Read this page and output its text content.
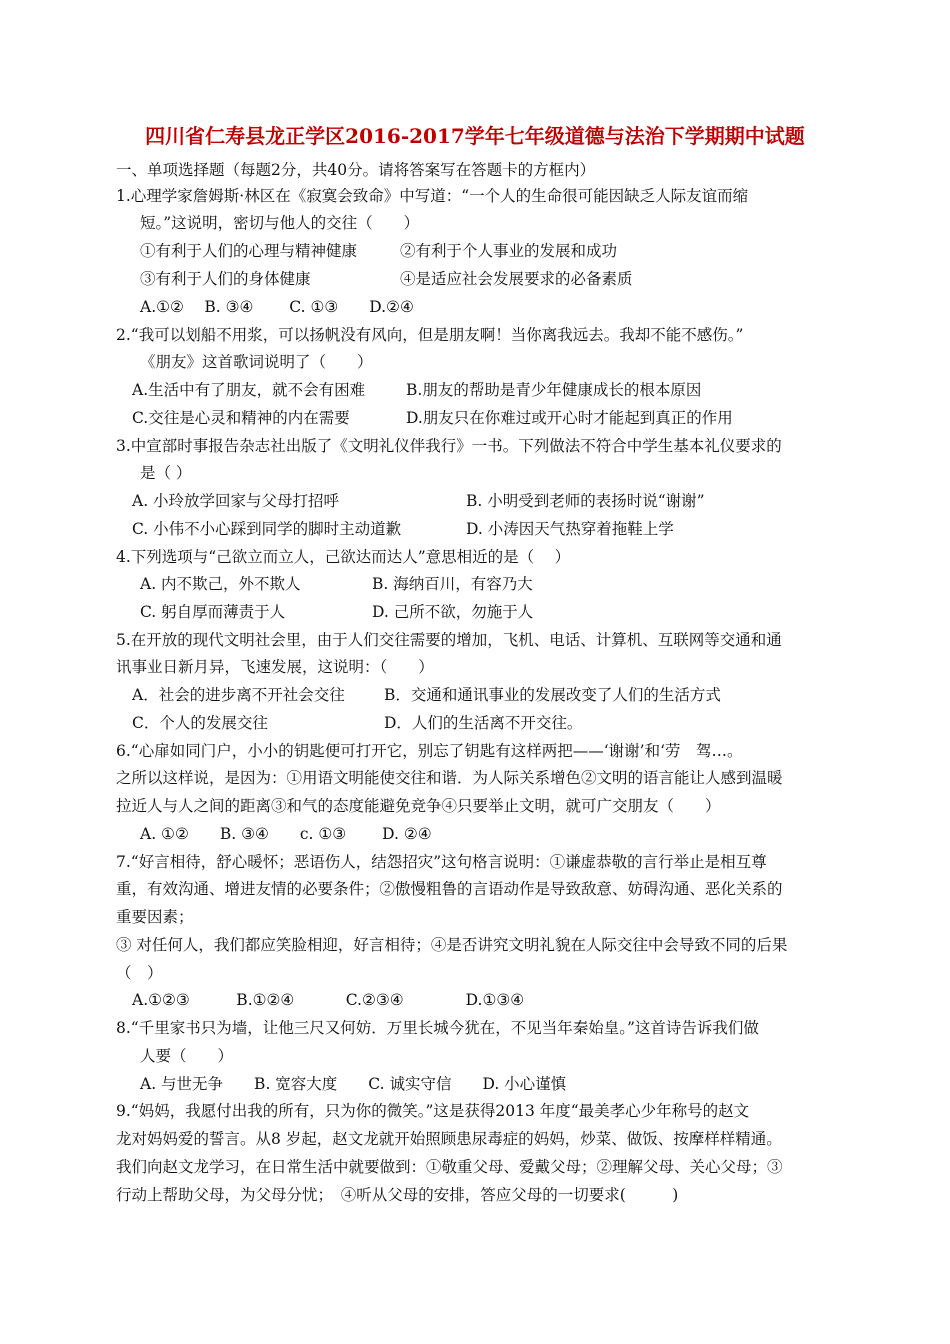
四川省仁寿县龙正学区2016-2017学年七年级道德与法治下学期期中试题
一、单项选择题（每题2分，共40分。请将答案写在答题卡的方框内）
1.心理学家詹姆斯·林区在《寂寞会致命》中写道：“一个人的生命很可能因缺乏人际友谊而缩
短。”这说明，密切与他人的交往（　　）
①有利于人们的心理与精神健康	②有利于个人事业的发展和成功
③有利于人们的身体健康	④是适应社会发展要求的必备素质
A.①②　 B. ③④　　 C. ①③　　D.②④
2.“我可以划船不用浆，可以扬帆没有风向，但是朋友啊！当你离我远去。我却不能不感伤。”
《朋友》这首歌词说明了（　　）
A.生活中有了朋友，就不会有困难	B.朋友的帮助是青少年健康成长的根本原因
C.交往是心灵和精神的内在需要	D.朋友只在你难过或开心时才能起到真正的作用
3.中宣部时事报告杂志社出版了《文明礼仪伴我行》一书。下列做法不符合中学生基本礼仪要求的
是（ ）
A. 小玲放学回家与父母打招呼	B. 小明受到老师的表扬时说“谢谢”
C. 小伟不小心踩到同学的脚时主动道歉	D. 小涛因天气热穿着拖鞋上学
4.下列选项与“己欲立而立人，己欲达而达人”意思相近的是（　 ）
A. 内不欺己，外不欺人	B. 海纳百川，有容乃大
C. 躬自厚而薄责于人	D. 己所不欲，勿施于人
5.在开放的现代文明社会里，由于人们交往需要的增加，飞机、电话、计算机、互联网等交通和通
讯事业日新月异，飞速发展，这说明：（　　）
A．社会的进步离不开社会交往	B．交通和通讯事业的发展改变了人们的生活方式
C．个人的发展交往	D．人们的生活离不开交往。
6.“心扉如同门户，小小的钥匙便可打开它，别忘了钥匙有这样两把——‘谢谢’和‘劳　驾…。
之所以这样说，是因为：①用语文明能使交往和谐．为人际关系增色②文明的语言能让人感到温暖
拉近人与人之间的距离③和气的态度能避免竞争④只要举止文明，就可广交朋友（　　）
A. ①②　　B. ③④　　c. ①③　　 D. ②④
7.“好言相待，舒心暖怀；恶语伤人，结怨招灾”这句格言说明：①谦虚恭敬的言行举止是相互尊
重，有效沟通、增进友情的必要条件；②傲慢粗鲁的言语动作是导致敌意、妨碍沟通、恶化关系的
重要因素；
③ 对任何人，我们都应笑脸相迎，好言相待；④是否讲究文明礼貌在人际交往中会导致不同的后果
（　）
A.①②③　　　B.①②④　　　 C.②③④　　　　D.①③④
8.“千里家书只为墙，让他三尺又何妨．万里长城今犹在，不见当年秦始皇。”这首诗告诉我们做
人要（　　）
A. 与世无争　　B. 宽容大度　　C. 诚实守信　　D. 小心谨慎
9.“妈妈，我愿付出我的所有，只为你的微笑。”这是获得2013 年度“最美孝心少年称号的赵文
龙对妈妈爱的誓言。从8 岁起，赵文龙就开始照顾患尿毒症的妈妈，炒菜、做饭、按摩样样精通。
我们向赵文龙学习，在日常生活中就要做到：①敬重父母、爱戴父母；②理解父母、关心父母；③
行动上帮助父母，为父母分忧；　④听从父母的安排，答应父母的一切要求(　　　)
